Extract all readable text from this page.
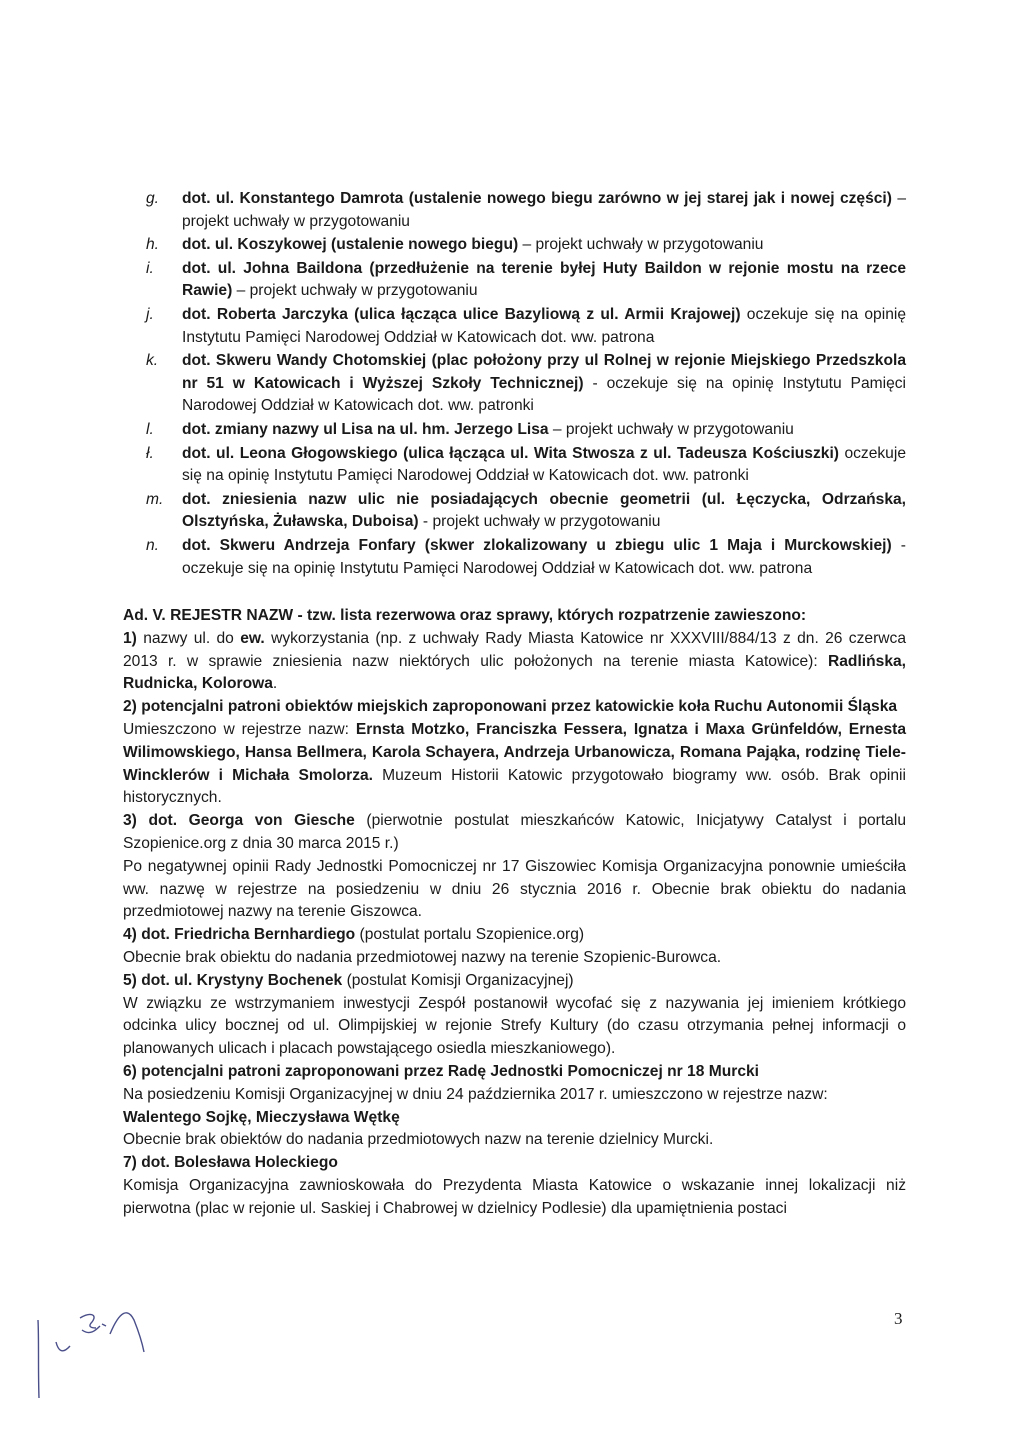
g. dot. ul. Konstantego Damrota (ustalenie nowego biegu zarówno w jej starej jak i nowej części) – projekt uchwały w przygotowaniu
h. dot. ul. Koszykowej (ustalenie nowego biegu) – projekt uchwały w przygotowaniu
i. dot. ul. Johna Baildona (przedłużenie na terenie byłej Huty Baildon w rejonie mostu na rzece Rawie) – projekt uchwały w przygotowaniu
j. dot. Roberta Jarczyka (ulica łącząca ulice Bazyliową z ul. Armii Krajowej) oczekuje się na opinię Instytutu Pamięci Narodowej Oddział w Katowicach dot. ww. patrona
k. dot. Skweru Wandy Chotomskiej (plac położony przy ul Rolnej w rejonie Miejskiego Przedszkola nr 51 w Katowicach i Wyższej Szkoły Technicznej) - oczekuje się na opinię Instytutu Pamięci Narodowej Oddział w Katowicach dot. ww. patronki
l. dot. zmiany nazwy ul Lisa na ul. hm. Jerzego Lisa – projekt uchwały w przygotowaniu
ł. dot. ul. Leona Głogowskiego (ulica łącząca ul. Wita Stwosza z ul. Tadeusza Kościuszki) oczekuje się na opinię Instytutu Pamięci Narodowej Oddział w Katowicach dot. ww. patronki
m. dot. zniesienia nazw ulic nie posiadających obecnie geometrii (ul. Łęczycka, Odrzańska, Olsztyńska, Żuławska, Duboisa) - projekt uchwały w przygotowaniu
n. dot. Skweru Andrzeja Fonfary (skwer zlokalizowany u zbiegu ulic 1 Maja i Murckowskiej) - oczekuje się na opinię Instytutu Pamięci Narodowej Oddział w Katowicach dot. ww. patrona

Ad. V. REJESTR NAZW - tzw. lista rezerwowa oraz sprawy, których rozpatrzenie zawieszono:

1) nazwy ul. do ew. wykorzystania (np. z uchwały Rady Miasta Katowice nr XXXVIII/884/13 z dn. 26 czerwca 2013 r. w sprawie zniesienia nazw niektórych ulic położonych na terenie miasta Katowice): Radlińska, Rudnicka, Kolorowa.

2) potencjalni patroni obiektów miejskich zaproponowani przez katowickie koła Ruchu Autonomii Śląska

Umieszczono w rejestrze nazw: Ernsta Motzko, Franciszka Fessera, Ignatza i Maxa Grünfeldów, Ernesta Wilimowskiego, Hansa Bellmera, Karola Schayera, Andrzeja Urbanowicza, Romana Pająka, rodzinę Tiele-Wincklerów i Michała Smolorza. Muzeum Historii Katowic przygotowało biogramy ww. osób. Brak opinii historycznych.

3) dot. Georga von Giesche (pierwotnie postulat mieszkańców Katowic, Inicjatywy Catalyst i portalu Szopienice.org z dnia 30 marca 2015 r.)

Po negatywnej opinii Rady Jednostki Pomocniczej nr 17 Giszowiec Komisja Organizacyjna ponownie umieściła ww. nazwę w rejestrze na posiedzeniu w dniu 26 stycznia 2016 r. Obecnie brak obiektu do nadania przedmiotowej nazwy na terenie Giszowca.

4) dot. Friedricha Bernhardiego (postulat portalu Szopienice.org)

Obecnie brak obiektu do nadania przedmiotowej nazwy na terenie Szopienic-Burowca.

5) dot. ul. Krystyny Bochenek (postulat Komisji Organizacyjnej)

W związku ze wstrzymaniem inwestycji Zespół postanowił wycofać się z nazywania jej imieniem krótkiego odcinka ulicy bocznej od ul. Olimpijskiej w rejonie Strefy Kultury (do czasu otrzymania pełnej informacji o planowanych ulicach i placach powstającego osiedla mieszkaniowego).

6) potencjalni patroni zaproponowani przez Radę Jednostki Pomocniczej nr 18 Murcki

Na posiedzeniu Komisji Organizacyjnej w dniu 24 października 2017 r. umieszczono w rejestrze nazw:

Walentego Sojkę, Mieczysława Wętkę

Obecnie brak obiektów do nadania przedmiotowych nazw na terenie dzielnicy Murcki.

7) dot. Bolesława Holeckiego

Komisja Organizacyjna zawnioskowała do Prezydenta Miasta Katowice o wskazanie innej lokalizacji niż pierwotna (plac w rejonie ul. Saskiej i Chabrowej w dzielnicy Podlesie) dla upamiętnienia postaci

3
